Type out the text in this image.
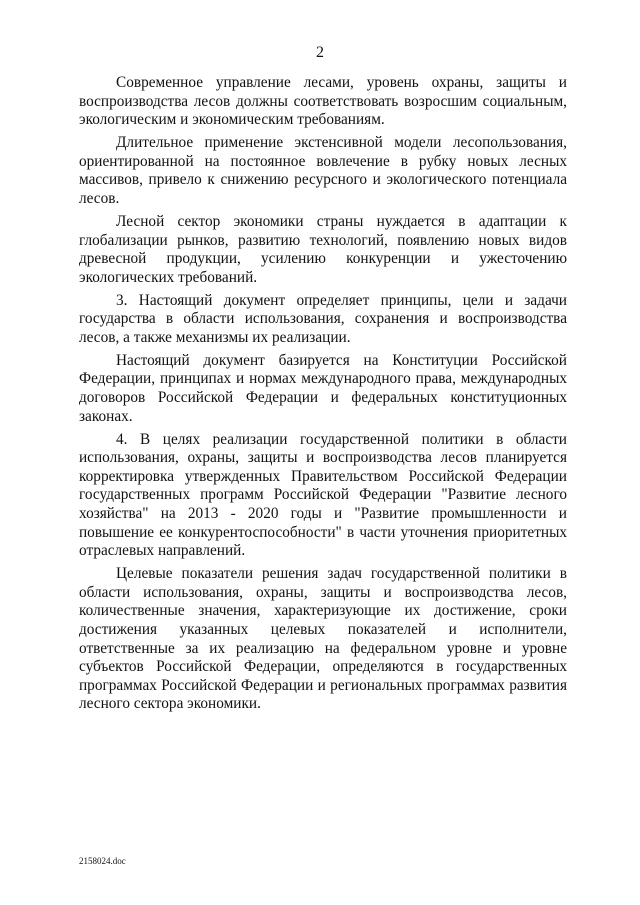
2

Современное управление лесами, уровень охраны, защиты и воспроизводства лесов должны соответствовать возросшим социальным, экологическим и экономическим требованиям.

Длительное применение экстенсивной модели лесопользования, ориентированной на постоянное вовлечение в рубку новых лесных массивов, привело к снижению ресурсного и экологического потенциала лесов.

Лесной сектор экономики страны нуждается в адаптации к глобализации рынков, развитию технологий, появлению новых видов древесной продукции, усилению конкуренции и ужесточению экологических требований.

3. Настоящий документ определяет принципы, цели и задачи государства в области использования, сохранения и воспроизводства лесов, а также механизмы их реализации.

Настоящий документ базируется на Конституции Российской Федерации, принципах и нормах международного права, международных договоров Российской Федерации и федеральных конституционных законах.

4. В целях реализации государственной политики в области использования, охраны, защиты и воспроизводства лесов планируется корректировка утвержденных Правительством Российской Федерации государственных программ Российской Федерации "Развитие лесного хозяйства" на 2013 - 2020 годы и "Развитие промышленности и повышение ее конкурентоспособности" в части уточнения приоритетных отраслевых направлений.

Целевые показатели решения задач государственной политики в области использования, охраны, защиты и воспроизводства лесов, количественные значения, характеризующие их достижение, сроки достижения указанных целевых показателей и исполнители, ответственные за их реализацию на федеральном уровне и уровне субъектов Российской Федерации, определяются в государственных программах Российской Федерации и региональных программах развития лесного сектора экономики.

2158024.doc
